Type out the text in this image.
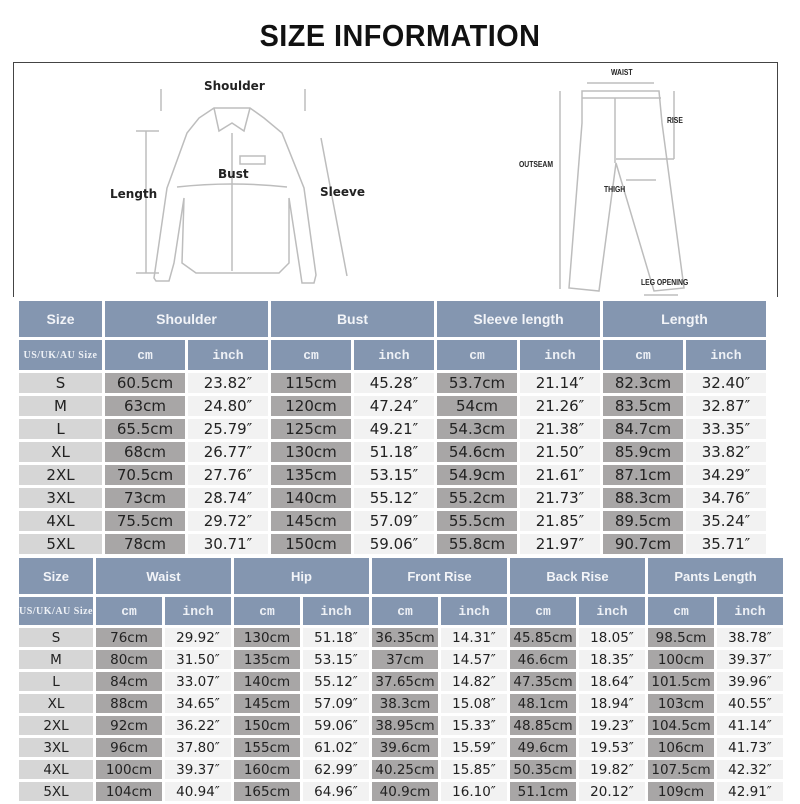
SIZE INFORMATION
Shoulder
Bust
Length	Sleeve
WAIST
RISE
OUTSEAM
THIGH
LEG OPENING
Size	Shoulder		Bust		Sleeve length		Length	
US/UK/AU Size	cm	inch	cm	inch	cm	inch	cm	inch
S	60.5cm	23.82″	115cm	45.28″	53.7cm	21.14″	82.3cm	32.40″
M	63cm	24.80″	120cm	47.24″	54cm	21.26″	83.5cm	32.87″
L	65.5cm	25.79″	125cm	49.21″	54.3cm	21.38″	84.7cm	33.35″
XL	68cm	26.77″	130cm	51.18″	54.6cm	21.50″	85.9cm	33.82″
2XL	70.5cm	27.76″	135cm	53.15″	54.9cm	21.61″	87.1cm	34.29″
3XL	73cm	28.74″	140cm	55.12″	55.2cm	21.73″	88.3cm	34.76″
4XL	75.5cm	29.72″	145cm	57.09″	55.5cm	21.85″	89.5cm	35.24″
5XL	78cm	30.71″	150cm	59.06″	55.8cm	21.97″	90.7cm	35.71″
Size	Waist		Hip		Front Rise		Back Rise		Pants Length	
US/UK/AU Size	cm	inch	cm	inch	cm	inch	cm	inch	cm	inch
S	76cm	29.92″	130cm	51.18″	36.35cm	14.31″	45.85cm	18.05″	98.5cm	38.78″
M	80cm	31.50″	135cm	53.15″	37cm	14.57″	46.6cm	18.35″	100cm	39.37″
L	84cm	33.07″	140cm	55.12″	37.65cm	14.82″	47.35cm	18.64″	101.5cm	39.96″
XL	88cm	34.65″	145cm	57.09″	38.3cm	15.08″	48.1cm	18.94″	103cm	40.55″
2XL	92cm	36.22″	150cm	59.06″	38.95cm	15.33″	48.85cm	19.23″	104.5cm	41.14″
3XL	96cm	37.80″	155cm	61.02″	39.6cm	15.59″	49.6cm	19.53″	106cm	41.73″
4XL	100cm	39.37″	160cm	62.99″	40.25cm	15.85″	50.35cm	19.82″	107.5cm	42.32″
5XL	104cm	40.94″	165cm	64.96″	40.9cm	16.10″	51.1cm	20.12″	109cm	42.91″
